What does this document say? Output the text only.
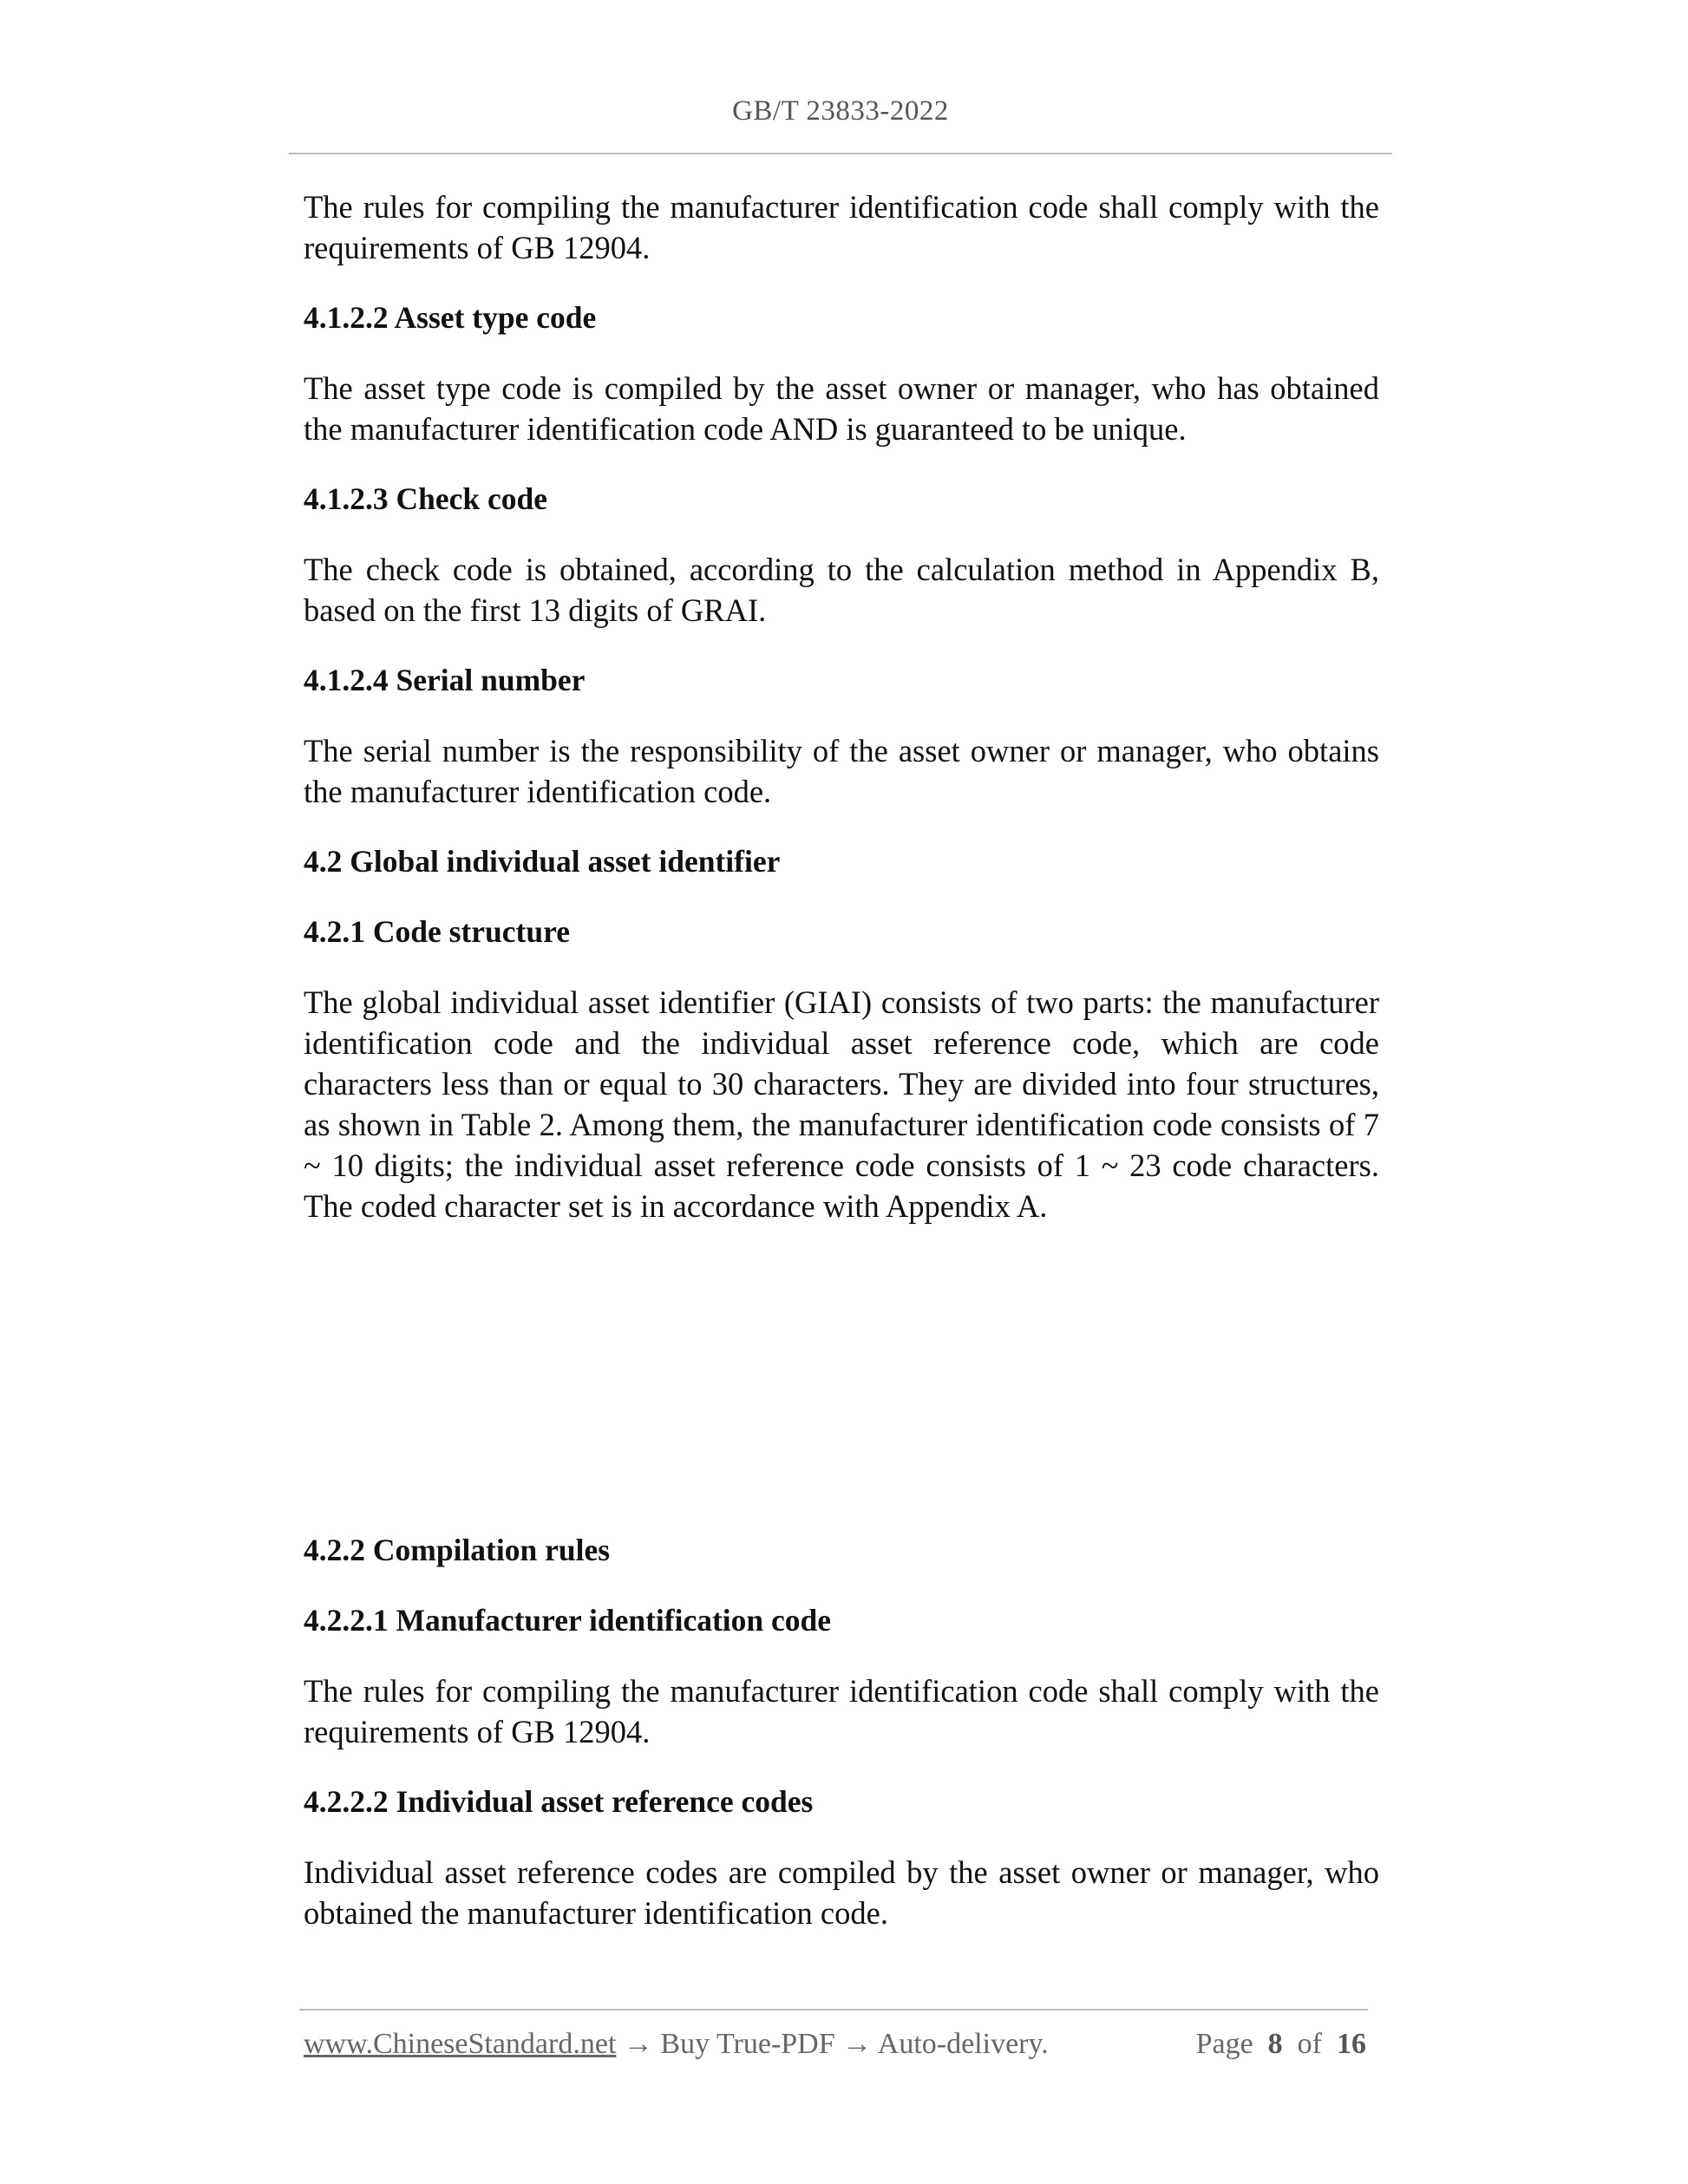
GB/T 23833-2022

The rules for compiling the manufacturer identification code shall comply with the requirements of GB 12904.

4.1.2.2 Asset type code

The asset type code is compiled by the asset owner or manager, who has obtained the manufacturer identification code AND is guaranteed to be unique.

4.1.2.3 Check code

The check code is obtained, according to the calculation method in Appendix B, based on the first 13 digits of GRAI.

4.1.2.4 Serial number

The serial number is the responsibility of the asset owner or manager, who obtains the manufacturer identification code.

4.2 Global individual asset identifier

4.2.1 Code structure

The global individual asset identifier (GIAI) consists of two parts: the manufacturer identification code and the individual asset reference code, which are code characters less than or equal to 30 characters. They are divided into four structures, as shown in Table 2. Among them, the manufacturer identification code consists of 7 ~ 10 digits; the individual asset reference code consists of 1 ~ 23 code characters. The coded character set is in accordance with Appendix A.

4.2.2 Compilation rules

4.2.2.1 Manufacturer identification code

The rules for compiling the manufacturer identification code shall comply with the requirements of GB 12904.

4.2.2.2 Individual asset reference codes

Individual asset reference codes are compiled by the asset owner or manager, who obtained the manufacturer identification code.

www.ChineseStandard.net → Buy True-PDF → Auto-delivery.	Page 8 of 16
